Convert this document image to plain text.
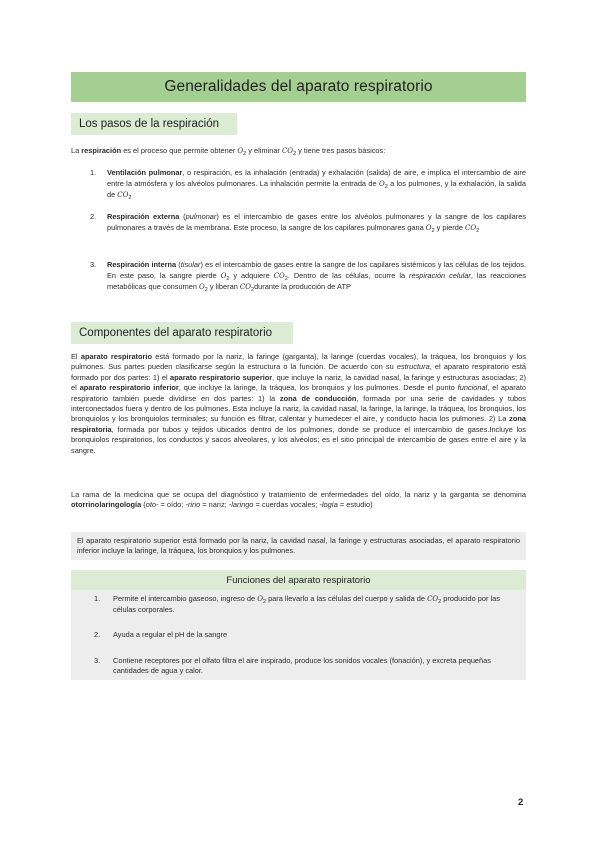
Generalidades del aparato respiratorio
Los pasos de la respiración

La respiración es el proceso que permite obtener $O_2$ y eliminar $CO_2$ y tiene tres pasos básicos:

1. Ventilación pulmonar, o respiración, es la inhalación (entrada) y exhalación (salida) de aire, e implica el intercambio de aire entre la atmósfera y los alvéolos pulmonares. La inhalación permite la entrada de $O_2$ a los pulmones, y la exhalación, la salida de $CO_2$
2. Respiración externa (pulmonar) es el intercambio de gases entre los alvéolos pulmonares y la sangre de los capilares pulmonares a través de la membrana. Este proceso, la sangre de los capilares pulmonares gana $O_2$ y pierde $CO_2$
3. Respiración interna (tisular) es el intercambio de gases entre la sangre de los capilares sistémicos y las células de los tejidos. En este paso, la sangre pierde $O_2$ y adquiere $CO_2$. Dentro de las células, ocurre la respiración celular, las reacciones metabólicas que consumen $O_2$ y liberan $CO_2durante$ la producción de ATP
Componentes del aparato respiratorio

El aparato respiratorio está formado por la nariz, la faringe (garganta), la laringe (cuerdas vocales), la tráquea, los bronquios y los pulmones. Sus partes pueden clasificarse según la estructura o la función. De acuerdo con su estructura, el aparato respiratorio está formado por dos partes: 1) el aparato respiratorio superior, que incluye la nariz, la cavidad nasal, la faringe y estructuras asociadas; 2) el aparato respiratorio inferior, que incluye la laringe, la tráquea, los bronquios y los pulmones. Desde el punto funcional, el aparato respiratorio también puede dividirse en dos partes: 1) la zona de conducción, formada por una serie de cavidades y tubos interconectados fuera y dentro de los pulmones. Esta incluye la nariz, la cavidad nasal, la faringe, la laringe, la tráquea, los bronquios, los bronquiolos y los bronquiolos terminales; su función es filtrar, calentar y humedecer el aire, y conducto hacia los pulmones. 2) La zona respiratoria, formada por tubos y tejidos ubicados dentro de los pulmones, donde se produce el intercambio de gases.Incluye los bronquiolos respiratorios, los conductos y sacos alveolares, y los alvéolos; es el sitio principal de intercambio de gases entre el aire y la sangre.

La rama de la medicina que se ocupa del diagnóstico y tratamiento de enfermedades del oído, la nariz y la garganta se denomina otorrinolaringología (oto- = oído; -rino = nariz; -laringo = cuerdas vocales; -logía = estudio)

El aparato respiratorio superior está formado por la nariz, la cavidad nasal, la faringe y estructuras asociadas, el aparato respiratorio inferior incluye la laringe, la tráquea, los bronquios y los pulmones.
Funciones del aparato respiratorio
1. Permite el intercambio gaseoso, ingreso de $O_2$ para llevarlo a las células del cuerpo y salida de $CO_2$ producido por las células corporales.
2. Ayuda a regular el pH de la sangre
3. Contiene receptores por el olfato filtra el aire inspirado, produce los sonidos vocales (fonación), y excreta pequeñas cantidades de agua y calor.
2
